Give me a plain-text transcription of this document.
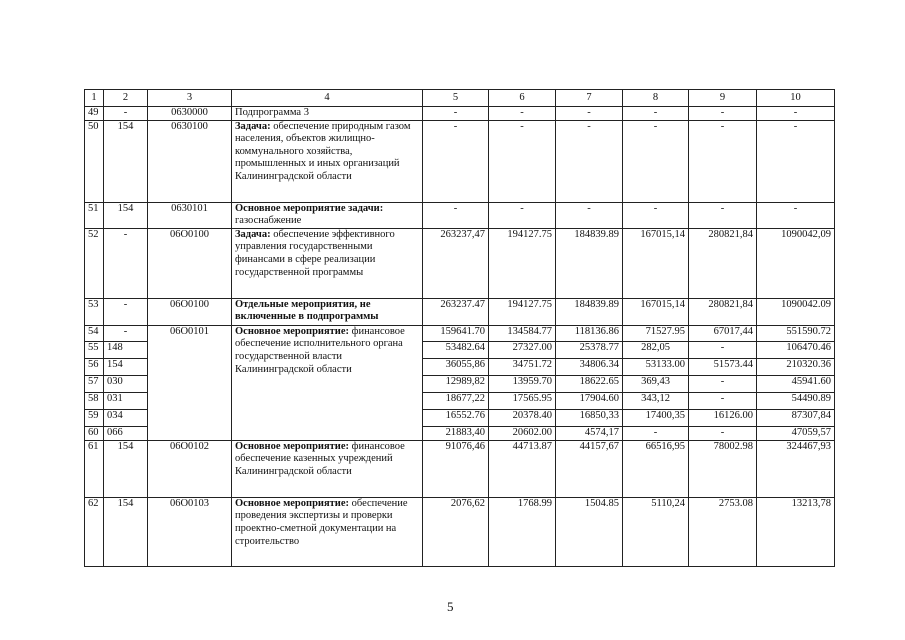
1	2	3	4	5	6	7	8	9	10
49	-	0630000	Подпрограмма 3	-	-	-	-	-	-
50	154	0630100	Задача: обеспечение природным газом населения, объектов жилищно-коммунального хозяйства, промышленных и иных организаций Калининградской области	-	-	-	-	-	-
51	154	0630101	Основное мероприятие задачи: газоснабжение	-	-	-	-	-	-
52	-	06О0100	Задача: обеспечение эффективного управления государственными финансами в сфере реализации государственной программы	263237,47	194127.75	184839.89	167015,14	280821,84	1090042,09
53	-	06О0100	Отдельные мероприятия, не включенные в подпрограммы	263237.47	194127.75	184839.89	167015,14	280821,84	1090042.09
54	-	06О0101	Основное мероприятие: финансовое обеспечение исполнительного органа государственной власти Калининградской области	159641.70	134584.77	118136.86	71527.95	67017,44	551590.72
55	148			53482.64	27327.00	25378.77	282,05	-	106470.46
56	154			36055,86	34751.72	34806.34	53133.00	51573.44	210320.36
57	030			12989,82	13959.70	18622.65	369,43	-	45941.60
58	031			18677,22	17565.95	17904.60	343,12	-	54490.89
59	034			16552.76	20378.40	16850,33	17400,35	16126.00	87307,84
60	066			21883,40	20602.00	4574,17	-	-	47059,57
61	154	06О0102	Основное мероприятие: финансовое обеспечение казенных учреждений Калининградской области	91076,46	44713.87	44157,67	66516,95	78002.98	324467,93
62	154	06О0103	Основное мероприятие: обеспечение проведения экспертизы и проверки проектно-сметной документации на строительство	2076,62	1768.99	1504.85	5110,24	2753.08	13213,78
5
